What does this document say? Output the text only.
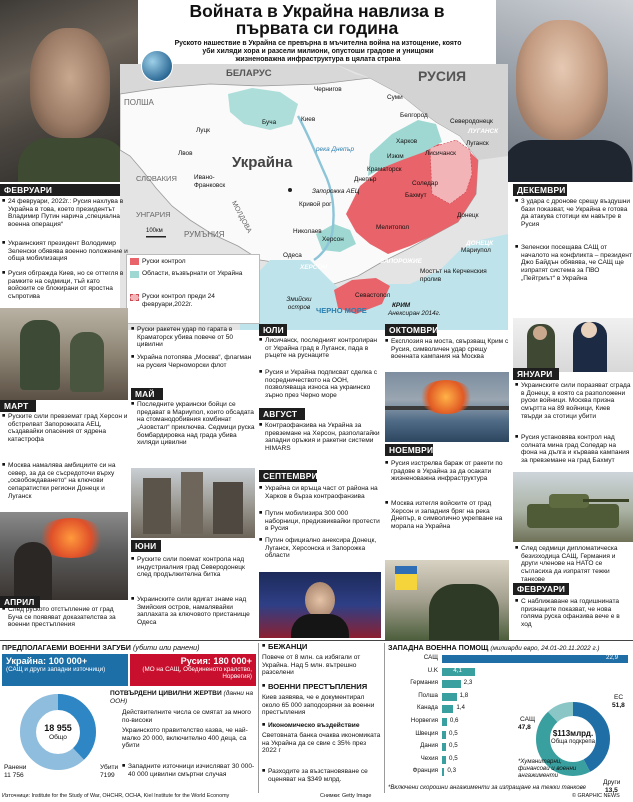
Войната в Украйна навлиза в
първата си година
Руското нашествие в Украйна се превърна в мъчителна война на изтощение, която
уби хиляди хора и разсели милиони, опустоши градове и унищожи
жизненоважна инфраструктура в цялата страна
БЕЛАРУС	РУСИЯ
Украйна
ПОЛША
СЛОВАКИЯ
УНГАРИЯ
РУМЪНИЯ
МОЛДОВА
ЛУГАНСК
ДОНЕЦК
ЗАПОРОЖИЕ
ХЕРСОН
КРИМ
Анексиран 2014г.
ЧЕРНО МОРЕ
река Днепър
Чернигов
Суми
Буча	Киев
Белгород
Северодонецк
Харков
Луцк
Лвов	Изюм	Лисичанск
Луганск
Краматорск
Ивано-Франковск
Днепър
Бахмут
Соледар
Запорожка АЕЦ
Кривой рог
Донецк
Мелитопол
Николаев
Херсон
Мариупол
Одеса
Севастопол
Мостът на Керченския пролив
Змийски остров
100км
Руски контрол
Области, възвърнати от Украйна
Руски контрол преди 24 февруари,2022г.
ФЕВРУАРИ
■ 24 февруари, 2022г.: Русия нахлува в Украйна в това, което президентът Владимир Путин нарича „специална военна операция“
■ Украинският президент Володимир Зеленски обявява военно положение и обща мобилизация
■ Русия обгражда Киев, но се оттегля в рамките на седмици, тъй като войските се блокирани от яростна съпротива
МАРТ
■ Руските сили превземат град Херсон и обстрелват Запорожката АЕЦ, създавайки опасения от ядрена катастрофа
■ Москва намалява амбициите си на север, за да се съсредоточи върху „освобождаването“ на ключови сепаратистки региони Донецк и Луганск
АПРИЛ
■ След руското отстъпление от град Буча се появяват доказателства за военни престъпления
■ Руски ракетен удар по гарата в Краматорск убива повече от 50 цивилни
■ Украйна потопява „Москва“, флагман на руския Черноморски флот
МАЙ
■ Последните украински бойци се предават в Мариупол, които обсадата на стоманодобивния комбинат „Азовстал“ приключва. Седмици руска бомбардировка над града убива хиляди цивилни
ЮНИ
■ Руските сили поемат контрола над индустриалния град Северодонецк след продължителна битка
■ Украинските сили вдигат знаме над Змийския остров, намалявайки заплахата за ключовото пристанище Одеса
ЮЛИ
■ Лисичанск, последният контролиран от Украйна град в Луганск, пада в ръцете на руснаците
■ Русия и Украйна подписват сделка с посредничеството на ООН, позволяваща износа на украинско зърно през Черно море
АВГУСТ
■ Контраофанзива на Украйна за превземане на Херсон, разполагайки западни оръжия и ракетни системи HIMARS
СЕПТЕМВРИ
■ Украйна си връща част от района на Харков в бърза контраофанзива
■ Путин мобилизира 300 000 наборници, предизвиквайки протести в Русия
■ Путин официално анексира Донецк, Луганск, Херсонска и Запорожка области
ОКТОМВРИ
■ Експлозия на моста, свързващ Крим с Русия, символичен удар срещу военната кампания на Москва
НОЕМВРИ
■ Русия изстрелва бараж от ракети по градове в Украйна за да осакати жизненоважна инфраструктура
■ Москва изтегля войските от град Херсон и западния бряг на река Днепър, в символично укрепване на морала на Украйна
ДЕКЕМВРИ
■ 3 удара с дронове срещу въздушни бази показват, че Украйна е готова да атакува стотици км навътре в Русия
■ Зеленски посещава САЩ от началото на конфликта – президент Джо Байдън обявява, че САЩ ще изпратят система за ПВО „Пейтриът“ в Украйна
ЯНУАРИ
■ Украинските сили поразяват сграда в Донецк, в която са разположени руски войници. Москва призна смъртта на 89 войници, Киев твърди за стотици убити
■ Русия установява контрол над солната мина град Соледар на фона на дълга и кървава кампания за превземане на град Бахмут
■ След седмици дипломатическа безизходица САЩ, Германия и други членове на НАТО се съгласиха да изпратят тежки танкове
ФЕВРУАРИ
■ С наближаване на годишнината признаците показват, че нова голяма руска офанзива вече е в ход
ПРЕДПОЛАГАЕМИ ВОЕННИ ЗАГУБИ (убити или ранени)
Украйна: 100 000+
(САЩ и други западни източници)
Русия: 180 000+
(МО на САЩ, Обединеното кралство, Норвегия)
18 955
Общо
Ранени
11 756
Убити
7199
ПОТВЪРДЕНИ ЦИВИЛНИ ЖЕРТВИ (данни на ООН)
Действителните числа се смятат за много по-високи
Украинското правителство казва, че най-малко 20 000, включително 400 деца, са убити
■ Западните източници изчисляват 30 000-40 000 цивилни смъртни случая
■ БЕЖАНЦИ
Повече от 8 млн. са избягали от Украйна. Над 5 млн. вътрешно разселени
■ ВОЕННИ ПРЕСТЪПЛЕНИЯ
Киев заявява, че е документирал около 65 000 заподозряни за военни престъпления
■ Икономическо въздействие
Световната банка очаква икономиката на Украйна да се свие с 35% през 2022 г
■ Разходите за възстановяване се оценяват на $349 млрд.
ЗАПАДНА ВОЕННА ПОМОЩ (милиарди евро, 24.01-20.11.2022 г.)
САЩ	22,9
U.K 4,1
Германия	2,3
Полша	1,8
Канада	1,4
Норвегия 0,6
Швеция 0,5
Дания 0,5
Чехия 0,5
Франция 0,3
$113млрд.
Обща подкрепа
САЩ
47,8
ЕС
51,8
Други
13,5
*Хуманитарни, финансови и военни ангажименти
*Включени скорошни ангажименти за изпращане на тежки танкове
Източници: Institute for the Study of War, OHCHR, OCHA, Kiel Institute for the World Economy	Снимки: Getty Image	© GRAPHIC NEWS
